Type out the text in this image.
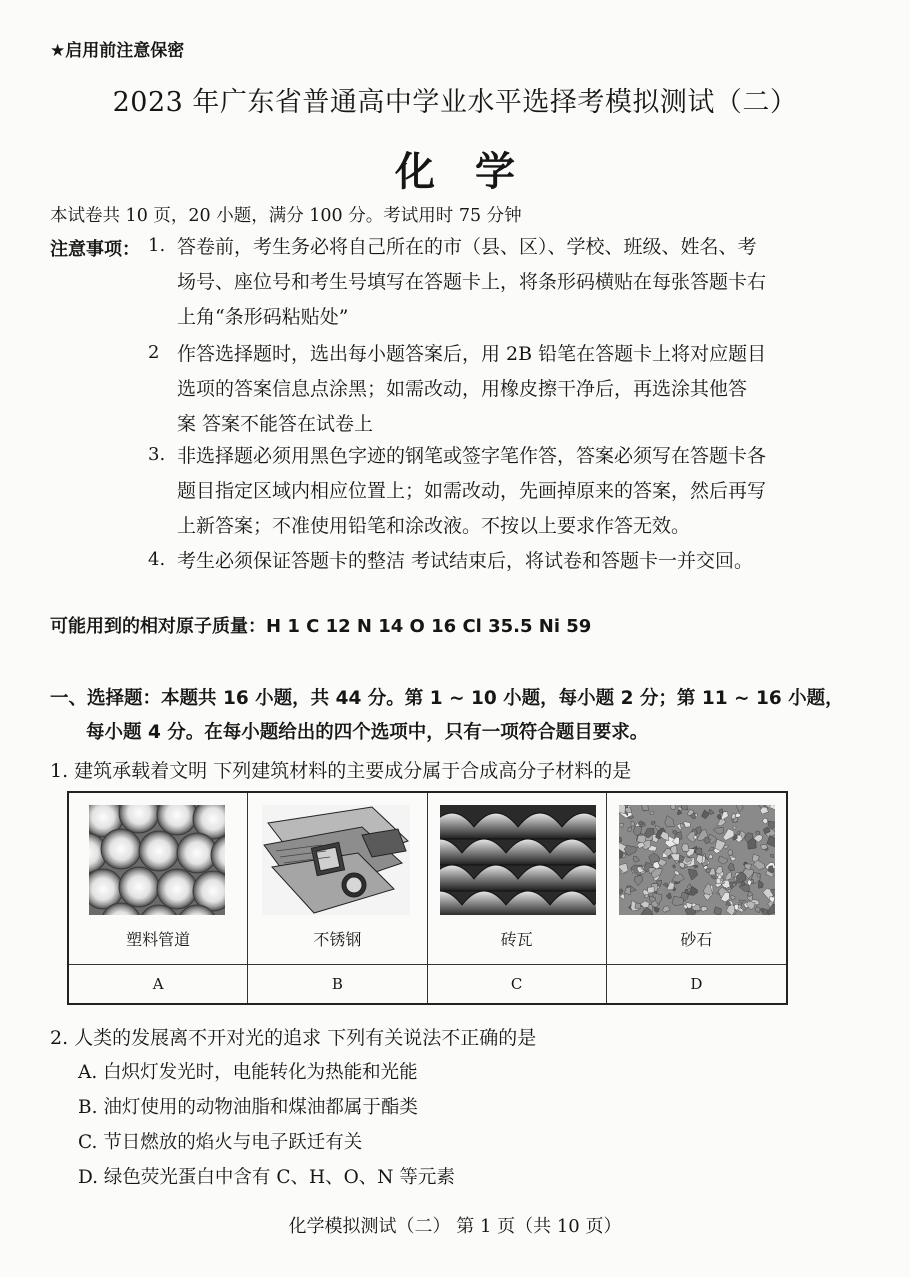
★启用前注意保密
2023 年广东省普通高中学业水平选择考模拟测试（二）
化学
本试卷共 10 页，20 小题，满分 100 分。考试用时 75 分钟
注意事项： 1. 答卷前，考生务必将自己所在的市（县、区）、学校、班级、姓名、考
场号、座位号和考生号填写在答题卡上，将条形码横贴在每张答题卡右
上角“条形码粘贴处”
2 作答选择题时，选出每小题答案后，用 2B 铅笔在答题卡上将对应题目
选项的答案信息点涂黑；如需改动，用橡皮擦干净后，再选涂其他答
案 答案不能答在试卷上
3. 非选择题必须用黑色字迹的钢笔或签字笔作答，答案必须写在答题卡各
题目指定区域内相应位置上；如需改动，先画掉原来的答案，然后再写
上新答案；不准使用铅笔和涂改液。不按以上要求作答无效。
4. 考生必须保证答题卡的整洁 考试结束后，将试卷和答题卡一并交回。
可能用到的相对原子质量：H 1 C 12 N 14 O 16 Cl 35.5 Ni 59
一、选择题：本题共 16 小题，共 44 分。第 1 ~ 10 小题，每小题 2 分；第 11 ~ 16 小题，
每小题 4 分。在每小题给出的四个选项中，只有一项符合题目要求。
1. 建筑承载着文明 下列建筑材料的主要成分属于合成高分子材料的是
塑料管道	不锈钢	砖瓦	砂石
A	B	C	D
2. 人类的发展离不开对光的追求 下列有关说法不正确的是
A. 白炽灯发光时，电能转化为热能和光能
B. 油灯使用的动物油脂和煤油都属于酯类
C. 节日燃放的焰火与电子跃迁有关
D. 绿色荧光蛋白中含有 C、H、O、N 等元素
化学模拟测试（二） 第 1 页（共 10 页）
